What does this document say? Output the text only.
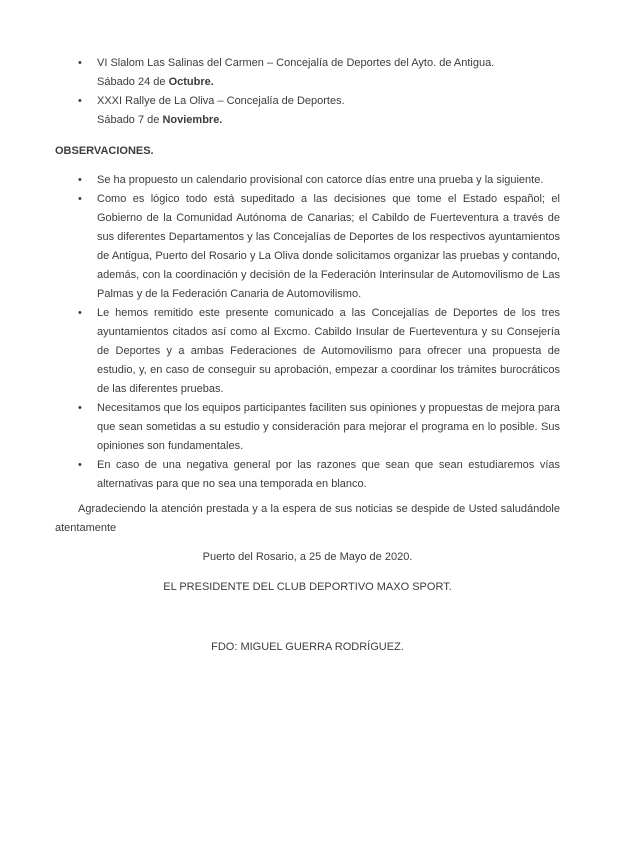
• VI Slalom Las Salinas del Carmen – Concejalía de Deportes del Ayto. de Antigua.
Sábado 24 de Octubre.
• XXXI Rallye de La Oliva – Concejalía de Deportes.
Sábado 7 de Noviembre.
OBSERVACIONES.
• Se ha propuesto un calendario provisional con catorce días entre una prueba y la siguiente.
• Como es lógico todo está supeditado a las decisiones que tome el Estado español; el Gobierno de la Comunidad Autónoma de Canarias; el Cabildo de Fuerteventura a través de sus diferentes Departamentos y las Concejalías de Deportes de los respectivos ayuntamientos de Antigua, Puerto del Rosario y La Oliva donde solicitamos organizar las pruebas y contando, además, con la coordinación y decisión de la Federación Interinsular de Automovilismo de Las Palmas y de la Federación Canaria de Automovilismo.
• Le hemos remitido este presente comunicado a las Concejalías de Deportes de los tres ayuntamientos citados así como al Excmo. Cabildo Insular de Fuerteventura y su Consejería de Deportes y a ambas Federaciones de Automovilismo para ofrecer una propuesta de estudio, y, en caso de conseguir su aprobación, empezar a coordinar los trámites burocráticos de las diferentes pruebas.
• Necesitamos que los equipos participantes faciliten sus opiniones y propuestas de mejora para que sean sometidas a su estudio y consideración para mejorar el programa en lo posible. Sus opiniones son fundamentales.
• En caso de una negativa general por las razones que sean que sean estudiaremos vías alternativas para que no sea una temporada en blanco.

Agradeciendo la atención prestada y a la espera de sus noticias se despide de Usted saludándole atentamente

Puerto del Rosario, a 25 de Mayo de 2020.

EL PRESIDENTE DEL CLUB DEPORTIVO MAXO SPORT.

FDO: MIGUEL GUERRA RODRÍGUEZ.
